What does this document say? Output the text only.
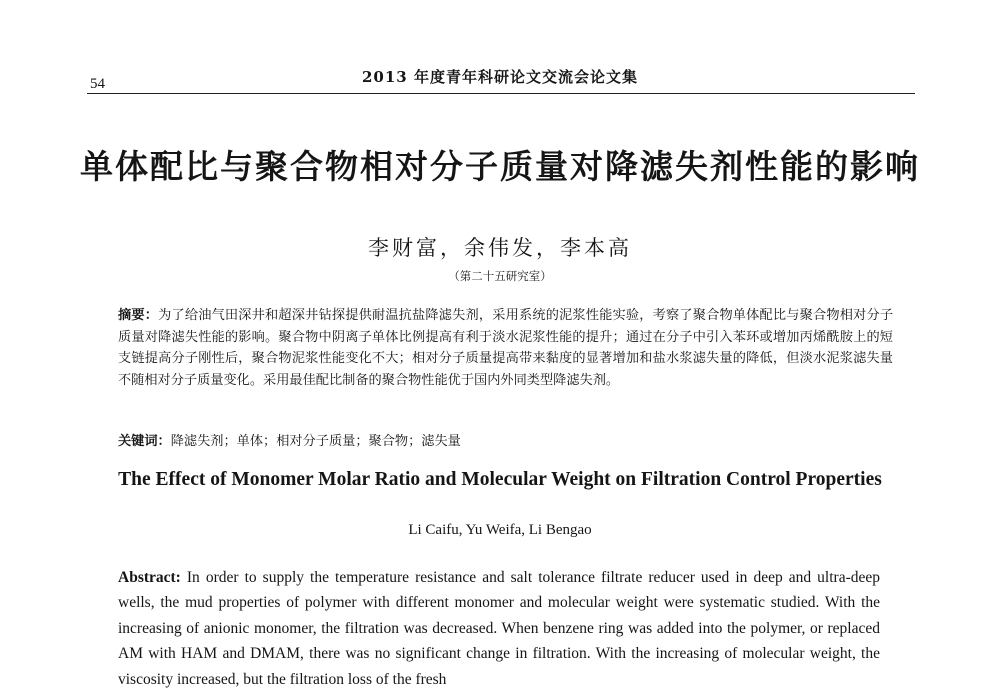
54	2013 年度青年科研论文交流会论文集
单体配比与聚合物相对分子质量对降滤失剂性能的影响
李财富，余伟发，李本高
（第二十五研究室）
摘要：为了给油气田深井和超深井钻探提供耐温抗盐降滤失剂，采用系统的泥浆性能实验，考察了聚合物单体配比与聚合物相对分子质量对降滤失性能的影响。聚合物中阴离子单体比例提高有利于淡水泥浆性能的提升；通过在分子中引入苯环或增加丙烯酰胺上的短支链提高分子刚性后，聚合物泥浆性能变化不大；相对分子质量提高带来黏度的显著增加和盐水浆滤失量的降低，但淡水泥浆滤失量不随相对分子质量变化。采用最佳配比制备的聚合物性能优于国内外同类型降滤失剂。
关键词：降滤失剂；单体；相对分子质量；聚合物；滤失量
The Effect of Monomer Molar Ratio and Molecular Weight on Filtration Control Properties
Li Caifu, Yu Weifa, Li Bengao
Abstract: In order to supply the temperature resistance and salt tolerance filtrate reducer used in deep and ultra-deep wells, the mud properties of polymer with different monomer and molecular weight were systematic studied. With the increasing of anionic monomer, the filtration was decreased. When benzene ring was added into the polymer, or replaced AM with HAM and DMAM, there was no significant change in filtration. With the increasing of molecular weight, the viscosity increased, but the filtration loss of the fresh
